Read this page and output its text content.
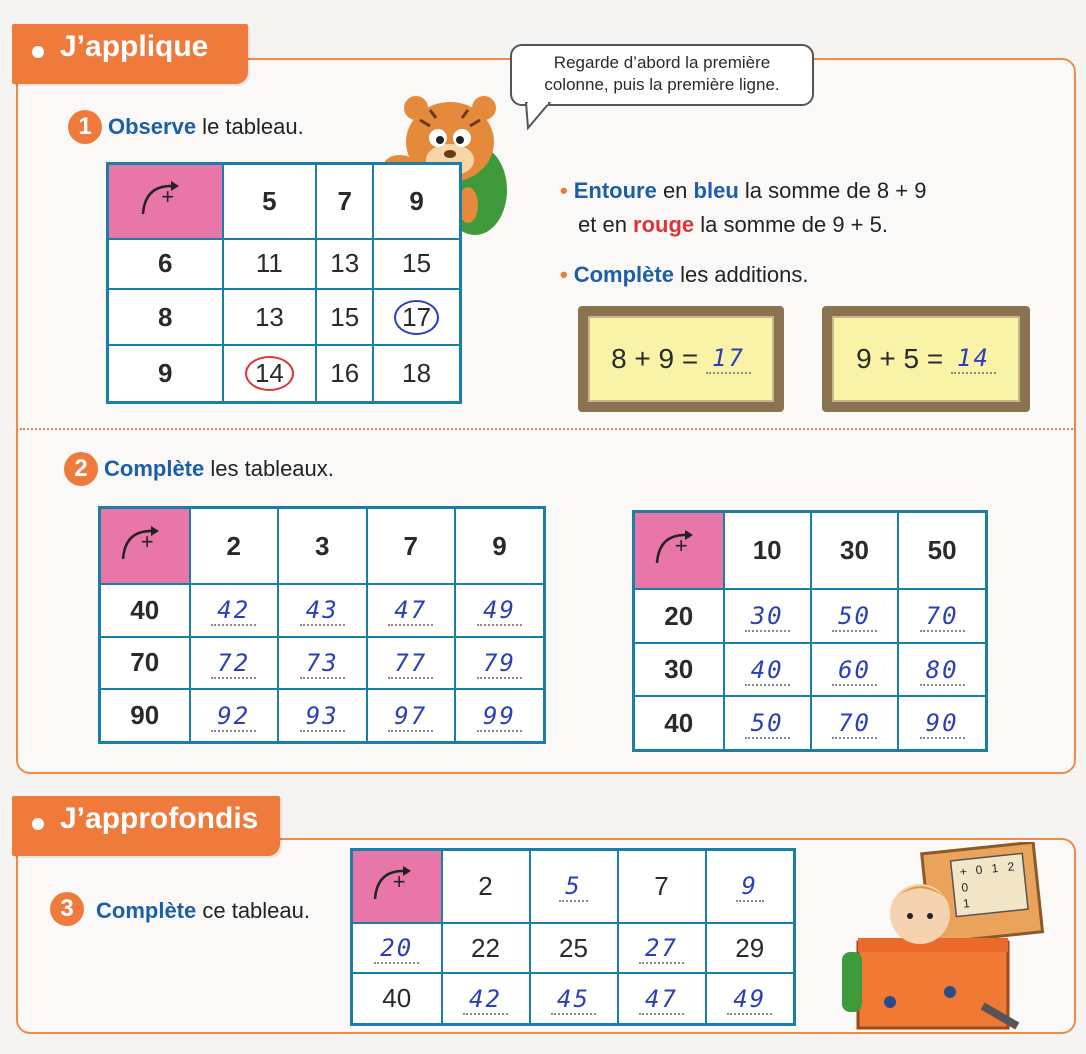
J’applique	Regarde d’abord la première
colonne, puis la première ligne.
1 Observe le tableau.
+	5	7	9
6	11	13	15
8	13	15	17
9	14	16	18
• Entoure en bleu la somme de 8 + 9
et en rouge la somme de 9 + 5.
• Complète les additions.
8 + 9 =
17	9 + 5 =
14
2 Complète les tableaux.
+	2	3	7	9
40	42	43	47	49
70	72	73	77	79
90	92	93	97	99
+	10	30	50
20	30	50	70
30	40	60	80
40	50	70	90
J’approfondis
3	Complète ce tableau.
+	2	5	7	9
20	22	25	27	29
40	42	45	47	49
+ 0 1 2
0
1
